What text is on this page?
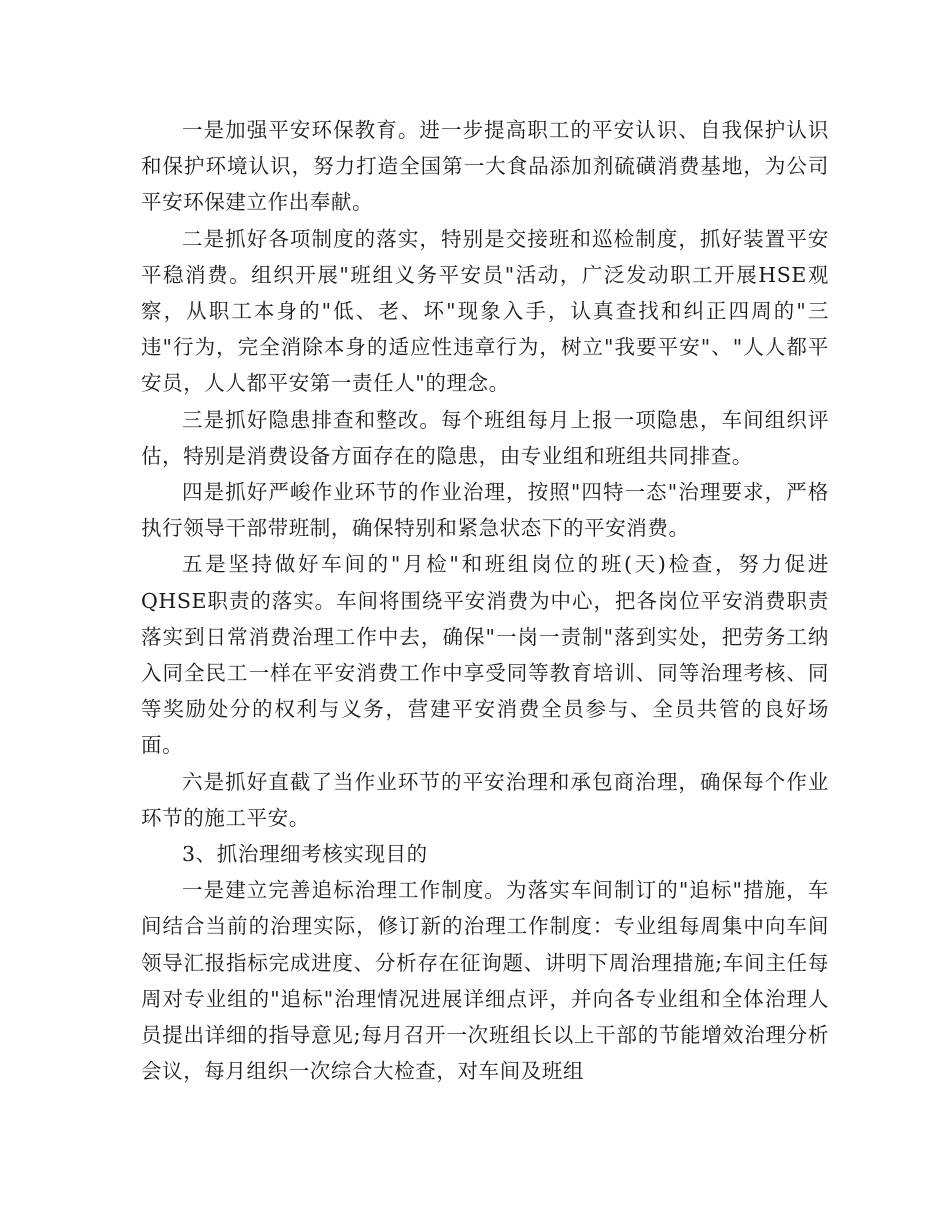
一是加强平安环保教育。进一步提高职工的平安认识、自我保护认识和保护环境认识，努力打造全国第一大食品添加剂硫磺消费基地，为公司平安环保建立作出奉献。

二是抓好各项制度的落实，特别是交接班和巡检制度，抓好装置平安平稳消费。组织开展"班组义务平安员"活动，广泛发动职工开展HSE观察，从职工本身的"低、老、坏"现象入手，认真查找和纠正四周的"三违"行为，完全消除本身的适应性违章行为，树立"我要平安"、"人人都平安员，人人都平安第一责任人"的理念。

三是抓好隐患排查和整改。每个班组每月上报一项隐患，车间组织评估，特别是消费设备方面存在的隐患，由专业组和班组共同排查。

四是抓好严峻作业环节的作业治理，按照"四特一态"治理要求，严格执行领导干部带班制，确保特别和紧急状态下的平安消费。

五是坚持做好车间的"月检"和班组岗位的班(天)检查，努力促进QHSE职责的落实。车间将围绕平安消费为中心，把各岗位平安消费职责落实到日常消费治理工作中去，确保"一岗一责制"落到实处，把劳务工纳入同全民工一样在平安消费工作中享受同等教育培训、同等治理考核、同等奖励处分的权利与义务，营建平安消费全员参与、全员共管的良好场面。

六是抓好直截了当作业环节的平安治理和承包商治理，确保每个作业环节的施工平安。

3、抓治理细考核实现目的

一是建立完善追标治理工作制度。为落实车间制订的"追标"措施，车间结合当前的治理实际，修订新的治理工作制度：专业组每周集中向车间领导汇报指标完成进度、分析存在征询题、讲明下周治理措施;车间主任每周对专业组的"追标"治理情况进展详细点评，并向各专业组和全体治理人员提出详细的指导意见;每月召开一次班组长以上干部的节能增效治理分析会议，每月组织一次综合大检查，对车间及班组
